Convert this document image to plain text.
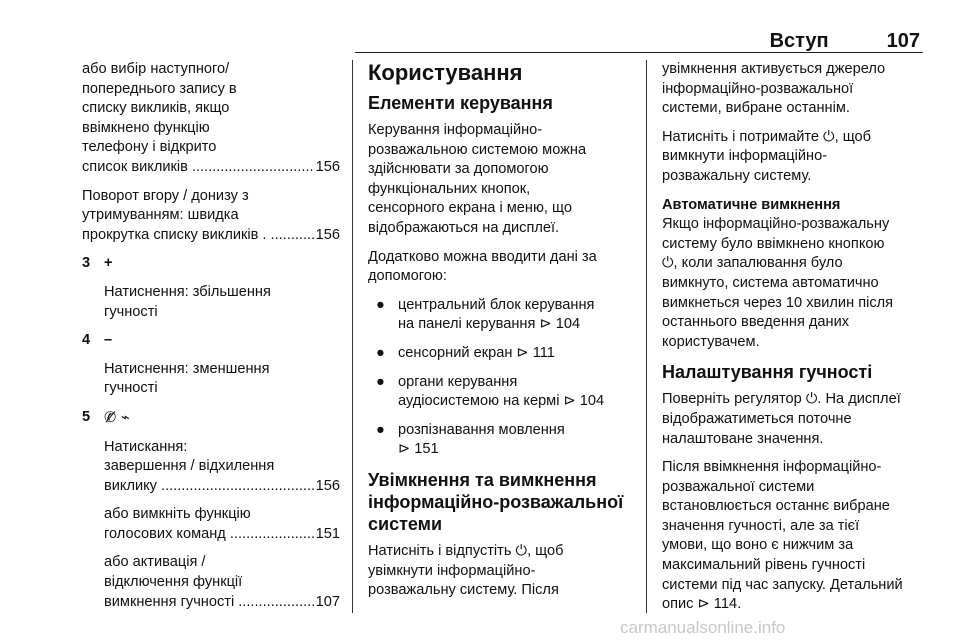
Вступ	107

або вибір наступного/
попереднього запису в
списку викликів, якщо
ввімкнено функцію
телефону і відкрито

список викликів .....	156

Поворот вгору / донизу з
утримуванням: швидка

прокрутка списку викликів . .....	156

3 +

Натиснення: збільшення
гучності

4 –

Натиснення: зменшення
гучності

5 ✆̸ ⌁

Натискання:
завершення / відхилення

виклику .....	156

або вимкніть функцію

голосових команд .....	151

або активація /
відключення функції

вимкнення гучності .....	107

Користування
Елементи керування

Керування інформаційно-
розважальною системою можна
здійснювати за допомогою
функціональних кнопок,
сенсорного екрана і меню, що
відображаються на дисплеї.

Додатково можна вводити дані за
допомогою:

● центральний блок керування
на панелі керування ⊳ 104
● сенсорний екран ⊳ 111
● органи керування
аудіосистемою на кермі ⊳ 104
● розпізнавання мовлення
⊳ 151
Увімкнення та вимкнення
інформаційно-розважальної
системи

Натисніть і відпустіть ⏻, щоб
увімкнути інформаційно-
розважальну систему. Після

увімкнення активується джерело
інформаційно-розважальної
системи, вибране останнім.

Натисніть і потримайте ⏻, щоб
вимкнути інформаційно-
розважальну систему.

Автоматичне вимкнення

Якщо інформаційно-розважальну
систему було ввімкнено кнопкою
⏻, коли запалювання було
вимкнуто, система автоматично
вимкнеться через 10 хвилин після
останнього введення даних
користувачем.

Налаштування гучності

Поверніть регулятор ⏻. На дисплеї
відображатиметься поточне
налаштоване значення.

Після ввімкнення інформаційно-
розважальної системи
встановлюється останнє вибране
значення гучності, але за тієї
умови, що воно є нижчим за
максимальний рівень гучності
системи під час запуску. Детальний
опис ⊳ 114.

carmanualsonline.info
